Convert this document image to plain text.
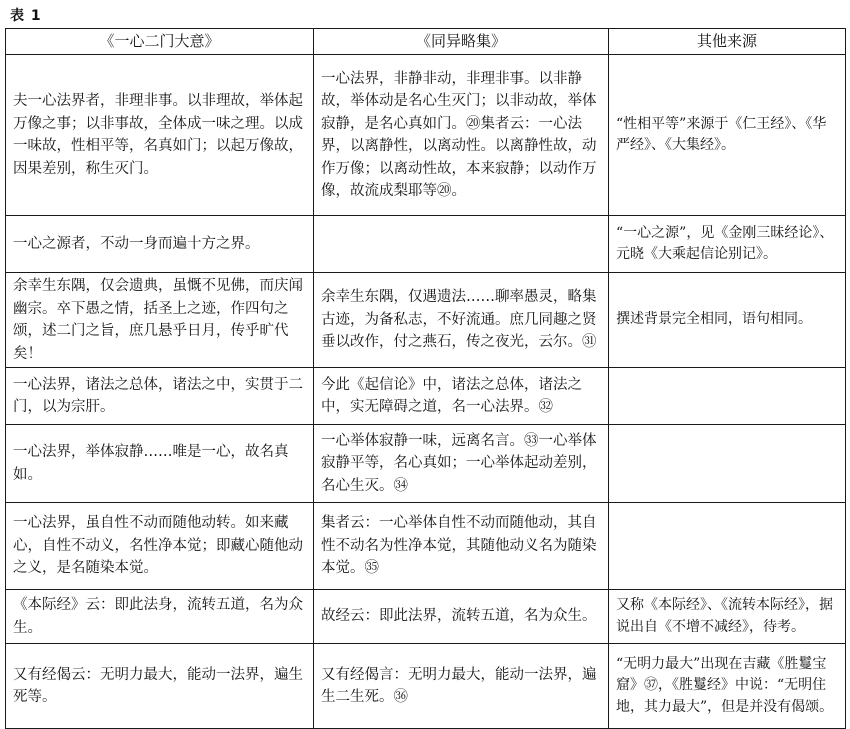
表 1
《一心二门大意》	《同异略集》	其他来源
夫一心法界者，非理非事。以非理故，举体起万像之事；以非事故，全体成一味之理。以成一味故，性相平等，名真如门；以起万像故，因果差别，称生灭门。	一心法界，非静非动，非理非事。以非静故，举体动是名心生灭门；以非动故，举体寂静，是名心真如门。⑳集者云：一心法界，以离静性，以离动性。以离静性故，动作万像；以离动性故，本来寂静；以动作万像，故流成梨耶等⑳。	“性相平等”来源于《仁王经》、《华严经》、《大集经》。
一心之源者，不动一身而遍十方之界。		“一心之源”，见《金刚三昧经论》、元晓《大乘起信论别记》。
余幸生东隅，仅会遗典，虽慨不见佛，而庆闻幽宗。卒下愚之情，括圣上之迹，作四句之颂，述二门之旨，庶几悬乎日月，传乎旷代矣！	余幸生东隅，仅遇遗法……聊率愚灵，略集古迹，为备私志，不好流通。庶几同趣之贤垂以改作，付之燕石，传之夜光，云尔。㉛	撰述背景完全相同，语句相同。
一心法界，诸法之总体，诸法之中，实贯于二门，以为宗肝。	今此《起信论》中，诸法之总体，诸法之中，实无障碍之道，名一心法界。㉜	
一心法界，举体寂静……唯是一心，故名真如。	一心举体寂静一味，远离名言。㉝一心举体寂静平等，名心真如；一心举体起动差别，名心生灭。㉞	
一心法界，虽自性不动而随他动转。如来藏心，自性不动义，名性净本觉；即藏心随他动之义，是名随染本觉。	集者云：一心举体自性不动而随他动，其自性不动名为性净本觉，其随他动义名为随染本觉。㉟	
《本际经》云：即此法身，流转五道，名为众生。	故经云：即此法界，流转五道，名为众生。	又称《本际经》、《流转本际经》，据说出自《不增不减经》，待考。
又有经偈云：无明力最大，能动一法界，遍生死等。	又有经偈言：无明力最大，能动一法界，遍生二生死。㊱	“无明力最大”出现在吉藏《胜鬘宝窟》㊲，《胜鬘经》中说：“无明住地，其力最大”，但是并没有偈颂。
